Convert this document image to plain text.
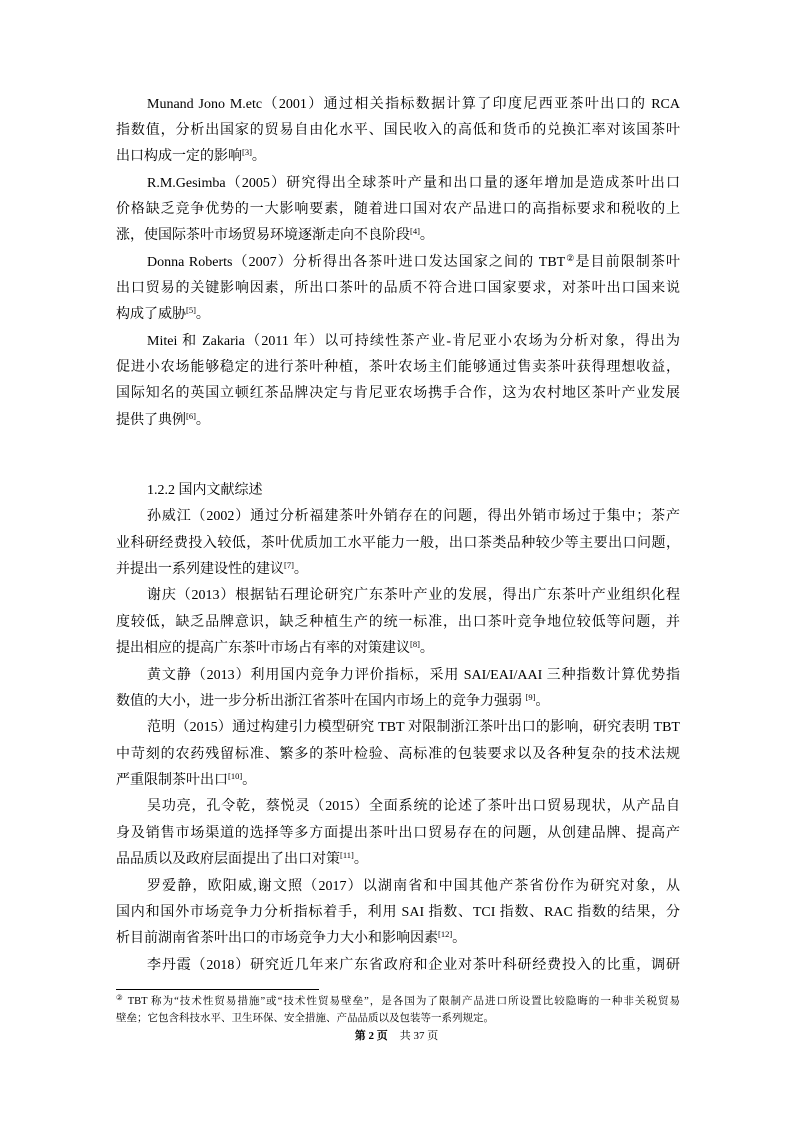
Munand Jono M.etc（2001）通过相关指标数据计算了印度尼西亚茶叶出口的 RCA
指数值，分析出国家的贸易自由化水平、国民收入的高低和货币的兑换汇率对该国茶叶
出口构成一定的影响[3]。
R.M.Gesimba（2005）研究得出全球茶叶产量和出口量的逐年增加是造成茶叶出口
价格缺乏竞争优势的一大影响要素，随着进口国对农产品进口的高指标要求和税收的上
涨，使国际茶叶市场贸易环境逐渐走向不良阶段[4]。
Donna Roberts（2007）分析得出各茶叶进口发达国家之间的 TBT②是目前限制茶叶
出口贸易的关键影响因素，所出口茶叶的品质不符合进口国家要求，对茶叶出口国来说
构成了威胁[5]。
Mitei 和 Zakaria（2011 年）以可持续性茶产业-肯尼亚小农场为分析对象，得出为
促进小农场能够稳定的进行茶叶种植，茶叶农场主们能够通过售卖茶叶获得理想收益，
国际知名的英国立顿红茶品牌决定与肯尼亚农场携手合作，这为农村地区茶叶产业发展
提供了典例[6]。
1.2.2 国内文献综述
孙威江（2002）通过分析福建茶叶外销存在的问题，得出外销市场过于集中；茶产
业科研经费投入较低，茶叶优质加工水平能力一般，出口茶类品种较少等主要出口问题，
并提出一系列建设性的建议[7]。
谢庆（2013）根据钻石理论研究广东茶叶产业的发展，得出广东茶叶产业组织化程
度较低，缺乏品牌意识，缺乏种植生产的统一标准，出口茶叶竞争地位较低等问题，并
提出相应的提高广东茶叶市场占有率的对策建议[8]。
黄文静（2013）利用国内竞争力评价指标，采用 SAI/EAI/AAI 三种指数计算优势指
数值的大小，进一步分析出浙江省茶叶在国内市场上的竞争力强弱 [9]。
范明（2015）通过构建引力模型研究 TBT 对限制浙江茶叶出口的影响，研究表明 TBT
中苛刻的农药残留标准、繁多的茶叶检验、高标准的包装要求以及各种复杂的技术法规
严重限制茶叶出口[10]。
吴功亮，孔令乾，蔡悦灵（2015）全面系统的论述了茶叶出口贸易现状，从产品自
身及销售市场渠道的选择等多方面提出茶叶出口贸易存在的问题，从创建品牌、提高产
品品质以及政府层面提出了出口对策[11]。
罗爱静，欧阳威,谢文照（2017）以湖南省和中国其他产茶省份作为研究对象，从
国内和国外市场竞争力分析指标着手，利用 SAI 指数、TCI 指数、RAC 指数的结果，分
析目前湖南省茶叶出口的市场竞争力大小和影响因素[12]。
李丹霞（2018）研究近几年来广东省政府和企业对茶叶科研经费投入的比重，调研
② TBT 称为“技术性贸易措施”或“技术性贸易壁垒”，是各国为了限制产品进口所设置比较隐晦的一种非关税贸易
壁垒；它包含科技水平、卫生环保、安全措施、产品品质以及包装等一系列规定。
第 2 页 共 37 页
